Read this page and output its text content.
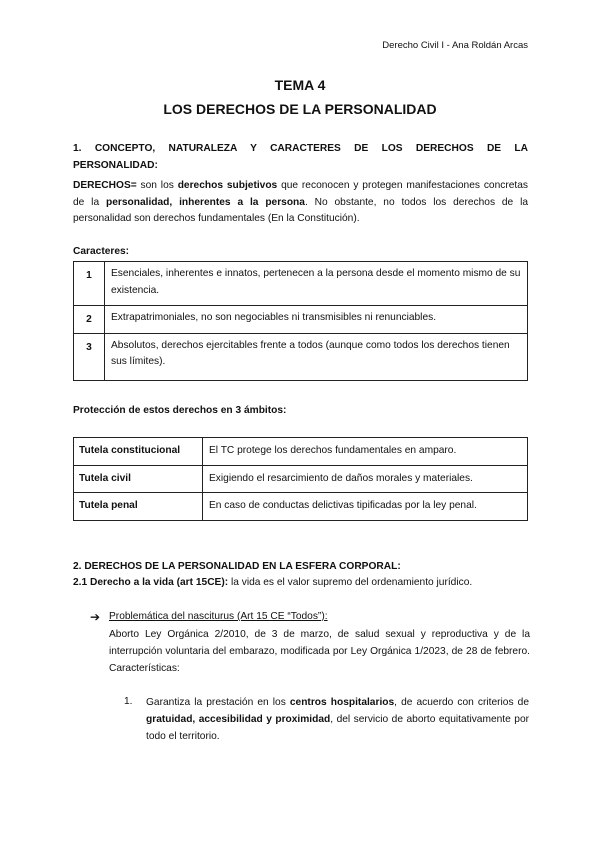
Derecho Civil I - Ana Roldán Arcas
TEMA 4
LOS DERECHOS DE LA PERSONALIDAD
1. CONCEPTO, NATURALEZA Y CARACTERES DE LOS DERECHOS DE LA
PERSONALIDAD:
DERECHOS= son los derechos subjetivos que reconocen y protegen manifestaciones concretas de la personalidad, inherentes a la persona. No obstante, no todos los derechos de la personalidad son derechos fundamentales (En la Constitución).
Caracteres:
1	Esenciales, inherentes e innatos, pertenecen a la persona desde el momento mismo de su existencia.
2	Extrapatrimoniales, no son negociables ni transmisibles ni renunciables.
3	Absolutos, derechos ejercitables frente a todos (aunque como todos los derechos tienen sus límites).
Protección de estos derechos en 3 ámbitos:
Tutela constitucional	El TC protege los derechos fundamentales en amparo.
Tutela civil	Exigiendo el resarcimiento de daños morales y materiales.
Tutela penal	En caso de conductas delictivas tipificadas por la ley penal.
2. DERECHOS DE LA PERSONALIDAD EN LA ESFERA CORPORAL:
2.1 Derecho a la vida (art 15CE): la vida es el valor supremo del ordenamiento jurídico.
➔ Problemática del nasciturus (Art 15 CE “Todos”):
Aborto Ley Orgánica 2/2010, de 3 de marzo, de salud sexual y reproductiva y de la interrupción voluntaria del embarazo, modificada por Ley Orgánica 1/2023, de 28 de febrero. Características:
1. Garantiza la prestación en los centros hospitalarios, de acuerdo con criterios de gratuidad, accesibilidad y proximidad, del servicio de aborto equitativamente por todo el territorio.
